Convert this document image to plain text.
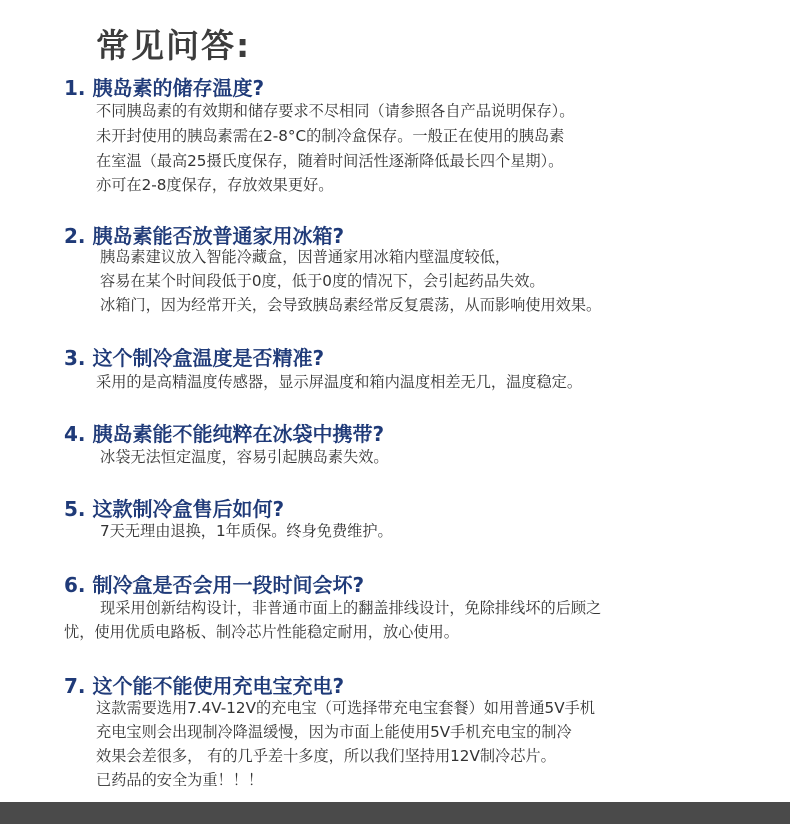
常见问答:
1. 胰岛素的储存温度?
不同胰岛素的有效期和储存要求不尽相同（请参照各自产品说明保存）。
未开封使用的胰岛素需在2-8°C的制冷盒保存。一般正在使用的胰岛素
在室温（最高25摄氏度保存，随着时间活性逐渐降低最长四个星期）。
亦可在2-8度保存，存放效果更好。
2. 胰岛素能否放普通家用冰箱?
胰岛素建议放入智能冷藏盒，因普通家用冰箱内壁温度较低，
容易在某个时间段低于0度，低于0度的情况下，会引起药品失效。
冰箱门，因为经常开关，会导致胰岛素经常反复震荡，从而影响使用效果。
3. 这个制冷盒温度是否精准?
采用的是高精温度传感器，显示屏温度和箱内温度相差无几，温度稳定。
4. 胰岛素能不能纯粹在冰袋中携带?
冰袋无法恒定温度，容易引起胰岛素失效。
5. 这款制冷盒售后如何?
7天无理由退换，1年质保。终身免费维护。
6. 制冷盒是否会用一段时间会坏?
现采用创新结构设计，非普通市面上的翻盖排线设计，免除排线坏的后顾之
忧，使用优质电路板、制冷芯片性能稳定耐用，放心使用。
7. 这个能不能使用充电宝充电?
这款需要选用7.4V-12V的充电宝（可选择带充电宝套餐）如用普通5V手机
充电宝则会出现制冷降温缓慢，因为市面上能使用5V手机充电宝的制冷
效果会差很多， 有的几乎差十多度，所以我们坚持用12V制冷芯片。
已药品的安全为重！！！
